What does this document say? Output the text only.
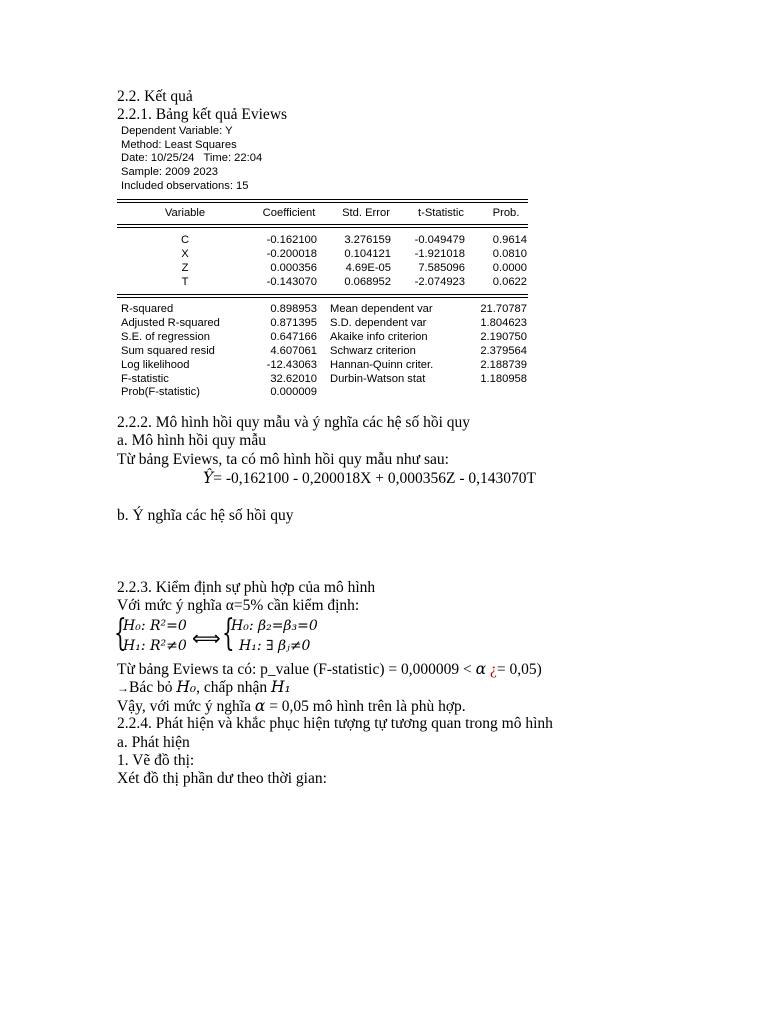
2.2. Kết quả
2.2.1. Bảng kết quả Eviews
Dependent Variable: Y
Method: Least Squares
Date: 10/25/24   Time: 22:04
Sample: 2009 2023
Included observations: 15
Variable	Coefficient	Std. Error	t-Statistic	Prob.
C	-0.162100	3.276159	-0.049479	0.9614
X	-0.200018	0.104121	-1.921018	0.0810
Z	0.000356	4.69E-05	7.585096	0.0000
T	-0.143070	0.068952	-2.074923	0.0622
R-squared	0.898953 Mean dependent var	21.70787
Adjusted R-squared	0.871395 S.D. dependent var	1.804623
S.E. of regression	0.647166 Akaike info criterion	2.190750
Sum squared resid	4.607061 Schwarz criterion	2.379564
Log likelihood	-12.43063 Hannan-Quinn criter.	2.188739
F-statistic	32.62010 Durbin-Watson stat	1.180958
Prob(F-statistic)	0.000009
2.2.2. Mô hình hồi quy mẫu và ý nghĩa các hệ số hồi quy
a. Mô hình hồi quy mẫu
Từ bảng Eviews, ta có mô hình hồi quy mẫu như sau:
Ŷ= -0,162100 - 0,200018X + 0,000356Z - 0,143070T
b. Ý nghĩa các hệ số hồi quy
2.2.3. Kiểm định sự phù hợp của mô hình
Với mức ý nghĩa α=5% cần kiểm định:
{
H₀: R²=0
H₁: R²≠0 ⟺ {
H₀: β₂=β₃=0
H₁: ∃ βⱼ≠0
Từ bảng Eviews ta có: p_value (F-statistic) = 0,000009 < α ¿= 0,05)
→Bác bỏ H₀, chấp nhận H₁
Vậy, với mức ý nghĩa α = 0,05 mô hình trên là phù hợp.
2.2.4. Phát hiện và khắc phục hiện tượng tự tương quan trong mô hình
a. Phát hiện
1. Vẽ đồ thị:
Xét đồ thị phần dư theo thời gian:
